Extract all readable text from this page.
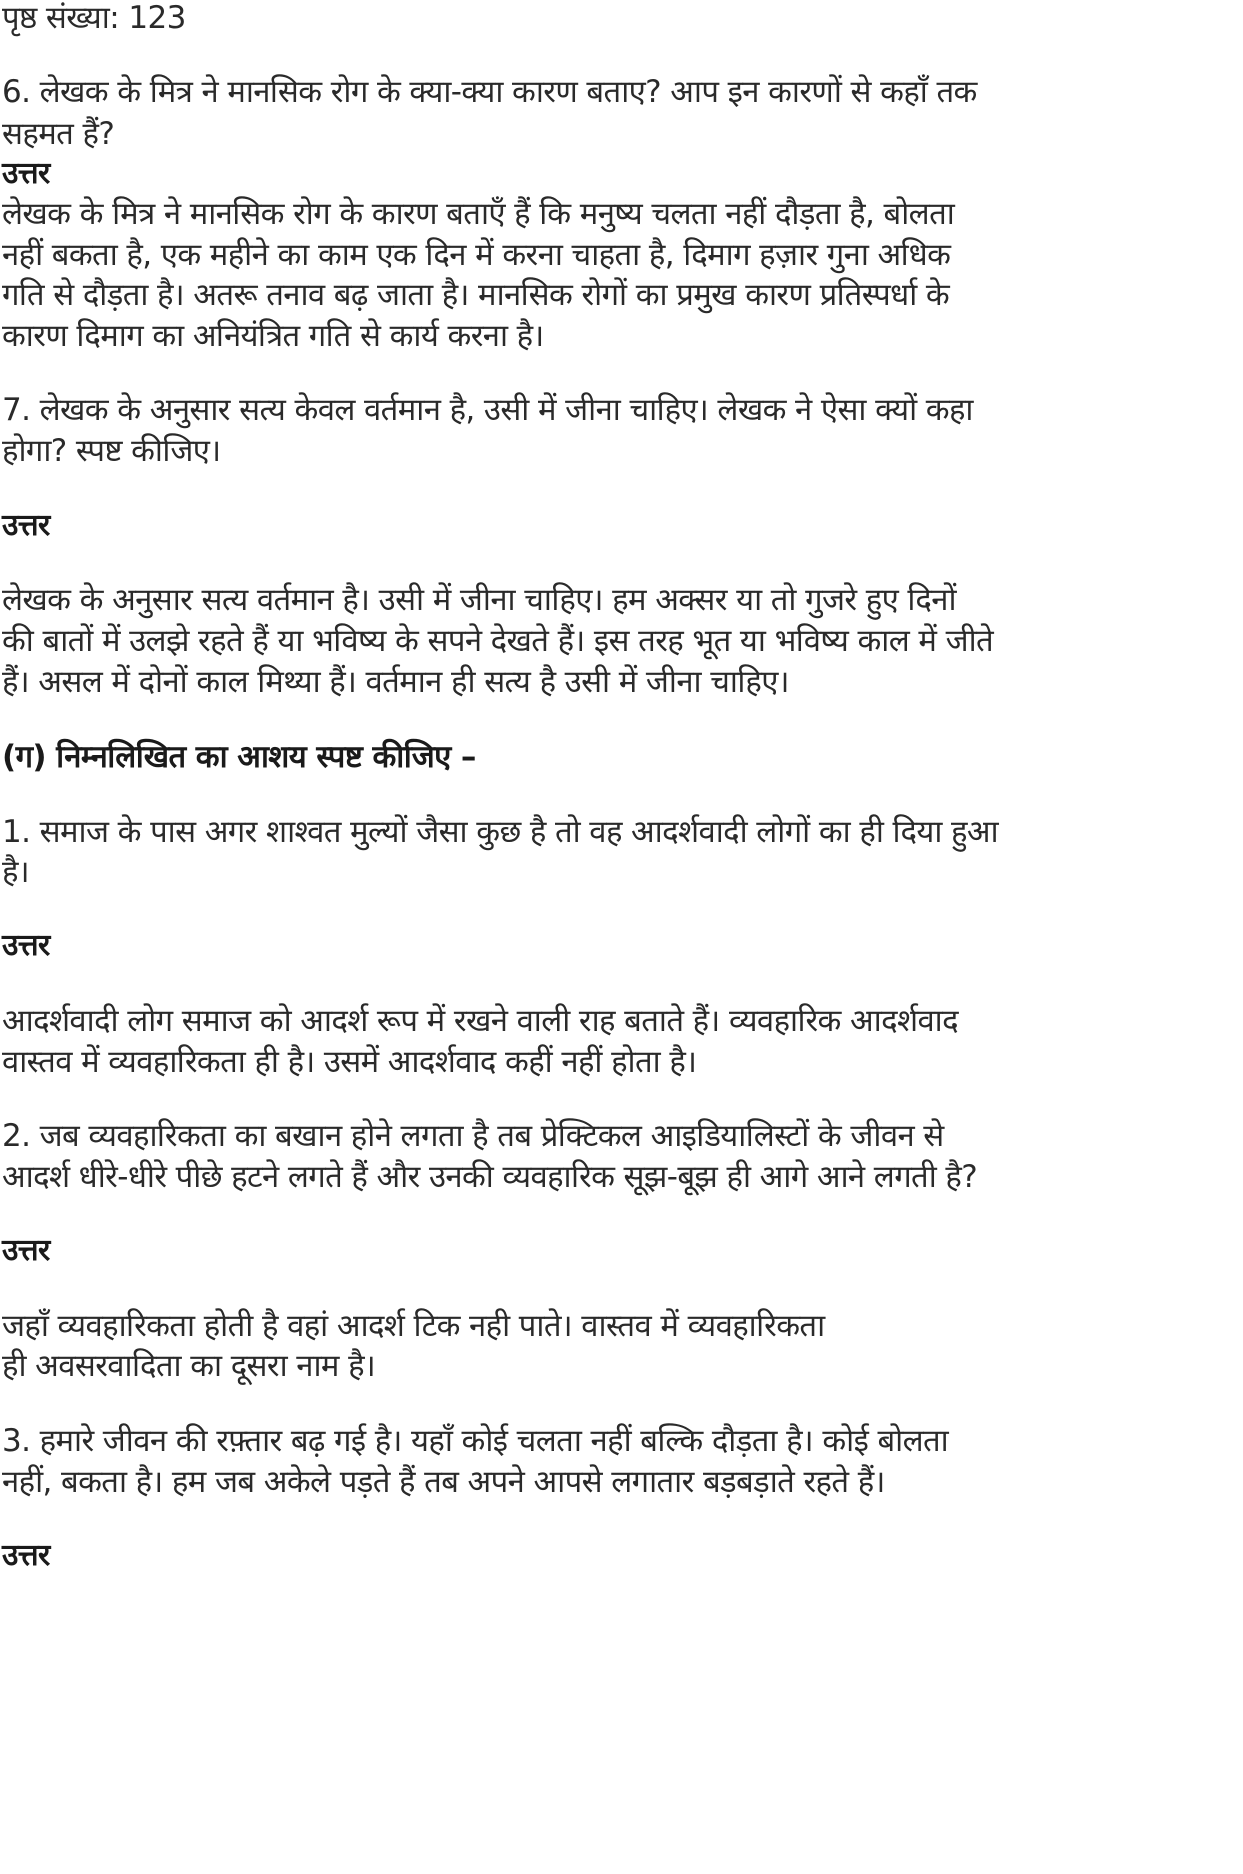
पृष्ठ संख्या: 123
6. लेखक के मित्र ने मानसिक रोग के क्या-क्या कारण बताए? आप इन कारणों से कहाँ तक
सहमत हैं?
उत्तर
लेखक के मित्र ने मानसिक रोग के कारण बताएँ हैं कि मनुष्य चलता नहीं दौड़ता है, बोलता
नहीं बकता है, एक महीने का काम एक दिन में करना चाहता है, दिमाग हज़ार गुना अधिक
गति से दौड़ता है। अतरू तनाव बढ़ जाता है। मानसिक रोगों का प्रमुख कारण प्रतिस्पर्धा के
कारण दिमाग का अनियंत्रित गति से कार्य करना है।
7. लेखक के अनुसार सत्य केवल वर्तमान है, उसी में जीना चाहिए। लेखक ने ऐसा क्यों कहा
होगा? स्पष्ट कीजिए।
उत्तर
लेखक के अनुसार सत्य वर्तमान है। उसी में जीना चाहिए। हम अक्सर या तो गुजरे हुए दिनों
की बातों में उलझे रहते हैं या भविष्य के सपने देखते हैं। इस तरह भूत या भविष्य काल में जीते
हैं। असल में दोनों काल मिथ्या हैं। वर्तमान ही सत्य है उसी में जीना चाहिए।
(ग) निम्नलिखित का आशय स्पष्ट कीजिए –
1. समाज के पास अगर शाश्वत मुल्यों जैसा कुछ है तो वह आदर्शवादी लोगों का ही दिया हुआ
है।
उत्तर
आदर्शवादी लोग समाज को आदर्श रूप में रखने वाली राह बताते हैं। व्यवहारिक आदर्शवाद
वास्तव में व्यवहारिकता ही है। उसमें आदर्शवाद कहीं नहीं होता है।
2. जब व्यवहारिकता का बखान होने लगता है तब प्रेक्टिकल आइडियालिस्टों के जीवन से
आदर्श धीरे-धीरे पीछे हटने लगते हैं और उनकी व्यवहारिक सूझ-बूझ ही आगे आने लगती है?
उत्तर
जहाँ व्यवहारिकता होती है वहां आदर्श टिक नही पाते। वास्तव में व्यवहारिकता
ही अवसरवादिता का दूसरा नाम है।
3. हमारे जीवन की रफ़्तार बढ़ गई है। यहाँ कोई चलता नहीं बल्कि दौड़ता है। कोई बोलता
नहीं, बकता है। हम जब अकेले पड़ते हैं तब अपने आपसे लगातार बड़बड़ाते रहते हैं।
उत्तर
